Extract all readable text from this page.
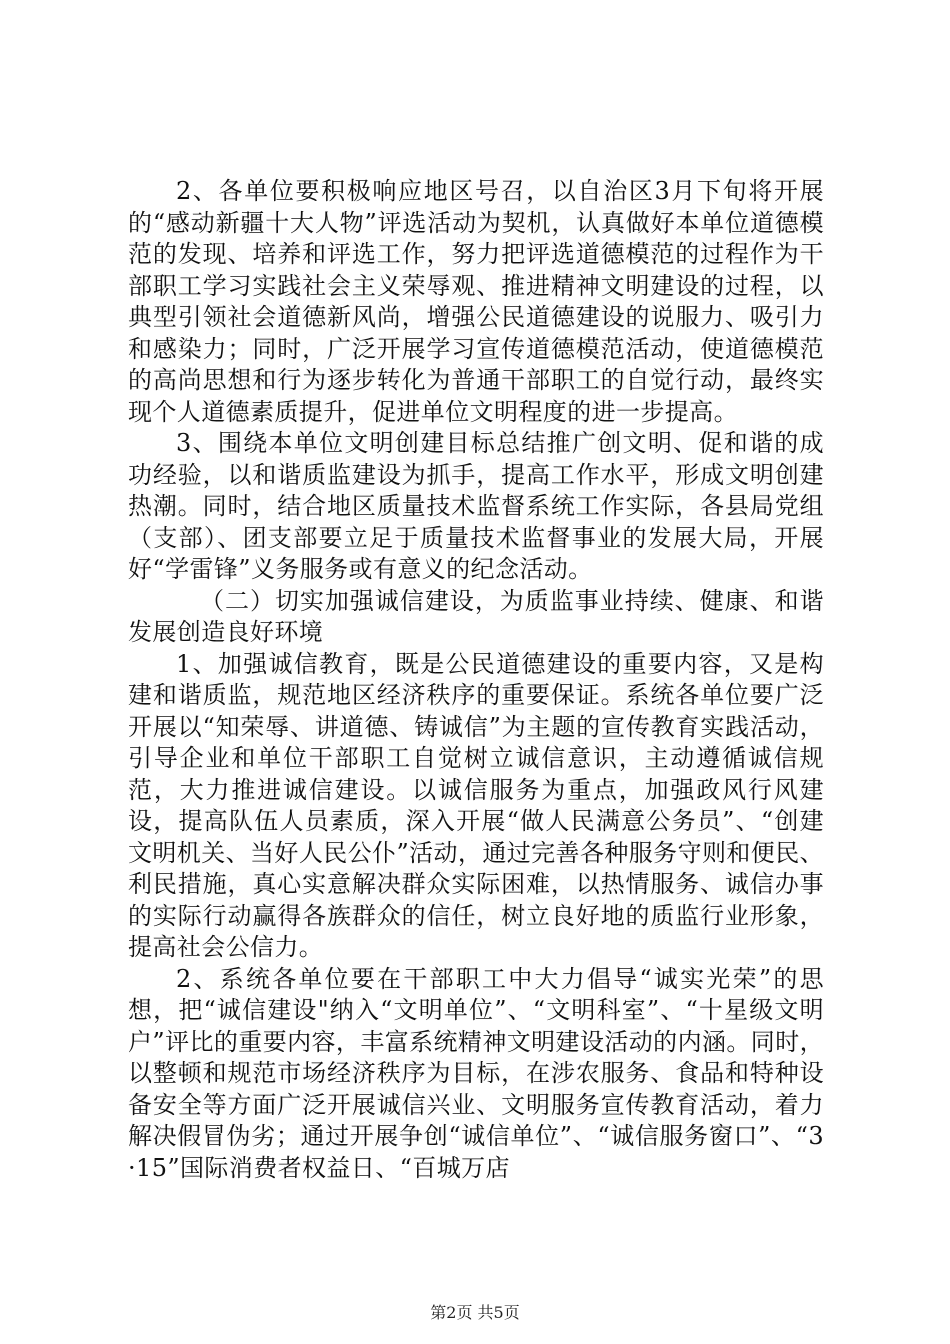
2、各单位要积极响应地区号召，以自治区3月下旬将开展的“感动新疆十大人物”评选活动为契机，认真做好本单位道德模范的发现、培养和评选工作，努力把评选道德模范的过程作为干部职工学习实践社会主义荣辱观、推进精神文明建设的过程，以典型引领社会道德新风尚，增强公民道德建设的说服力、吸引力和感染力；同时，广泛开展学习宣传道德模范活动，使道德模范的高尚思想和行为逐步转化为普通干部职工的自觉行动，最终实现个人道德素质提升，促进单位文明程度的进一步提高。

3、围绕本单位文明创建目标总结推广创文明、促和谐的成功经验，以和谐质监建设为抓手，提高工作水平，形成文明创建热潮。同时，结合地区质量技术监督系统工作实际，各县局党组（支部）、团支部要立足于质量技术监督事业的发展大局，开展好“学雷锋”义务服务或有意义的纪念活动。

（二）切实加强诚信建设，为质监事业持续、健康、和谐发展创造良好环境

1、加强诚信教育，既是公民道德建设的重要内容，又是构建和谐质监，规范地区经济秩序的重要保证。系统各单位要广泛开展以“知荣辱、讲道德、铸诚信”为主题的宣传教育实践活动，引导企业和单位干部职工自觉树立诚信意识，主动遵循诚信规范，大力推进诚信建设。以诚信服务为重点，加强政风行风建设，提高队伍人员素质，深入开展“做人民满意公务员”、“创建文明机关、当好人民公仆”活动，通过完善各种服务守则和便民、利民措施，真心实意解决群众实际困难，以热情服务、诚信办事的实际行动赢得各族群众的信任，树立良好地的质监行业形象，提高社会公信力。

2、系统各单位要在干部职工中大力倡导“诚实光荣”的思想，把“诚信建设"纳入“文明单位”、“文明科室”、“十星级文明户”评比的重要内容，丰富系统精神文明建设活动的内涵。同时，以整顿和规范市场经济秩序为目标，在涉农服务、食品和特种设备安全等方面广泛开展诚信兴业、文明服务宣传教育活动，着力解决假冒伪劣；通过开展争创“诚信单位”、“诚信服务窗口”、“3·15”国际消费者权益日、“百城万店

第2页 共5页
